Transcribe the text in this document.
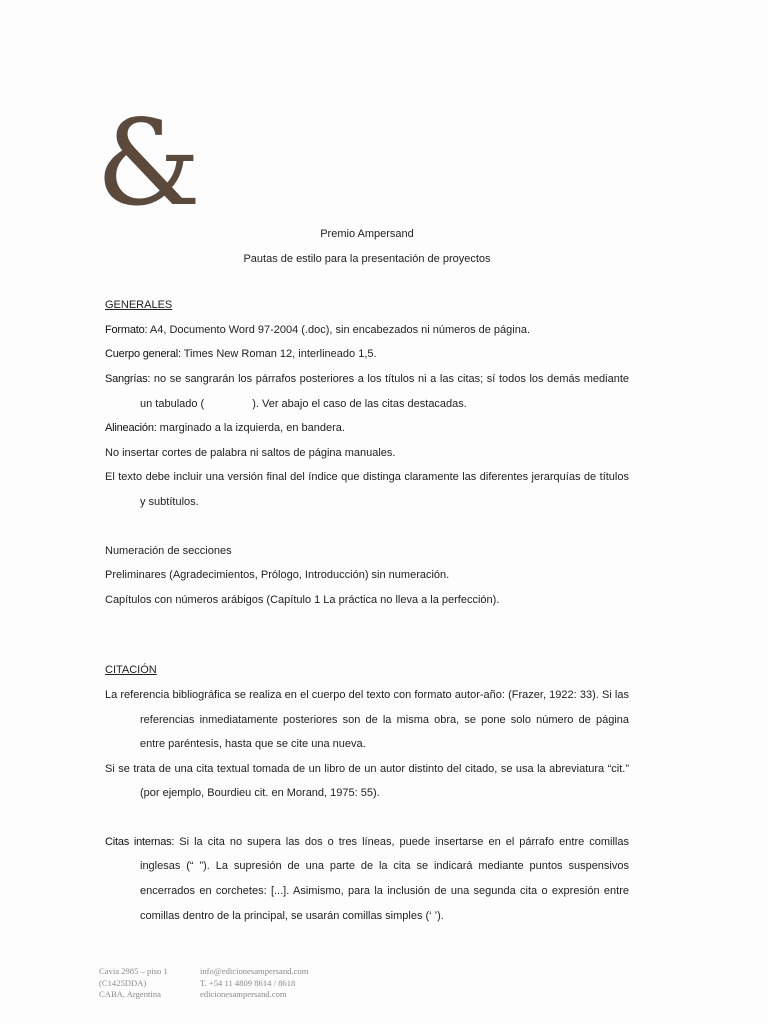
&
Premio Ampersand
Pautas de estilo para la presentación de proyectos
GENERALES

Formato: A4, Documento Word 97-2004 (.doc), sin encabezados ni números de página.

Cuerpo general: Times New Roman 12, interlineado 1,5.

Sangrías: no se sangrarán los párrafos posteriores a los títulos ni a las citas; sí todos los demás mediante un tabulado (	). Ver abajo el caso de las citas destacadas.

Alineación: marginado a la izquierda, en bandera.

No insertar cortes de palabra ni saltos de página manuales.

El texto debe incluir una versión final del índice que distinga claramente las diferentes jerarquías de títulos y subtítulos.

Numeración de secciones

Preliminares (Agradecimientos, Prólogo, Introducción) sin numeración.

Capítulos con números arábigos (Capítulo 1 La práctica no lleva a la perfección).

CITACIÓN

La referencia bibliográfica se realiza en el cuerpo del texto con formato autor-año: (Frazer, 1922: 33). Si las referencias inmediatamente posteriores son de la misma obra, se pone solo número de página entre paréntesis, hasta que se cite una nueva.

Si se trata de una cita textual tomada de un libro de un autor distinto del citado, se usa la abreviatura “cit.” (por ejemplo, Bourdieu cit. en Morand, 1975: 55).

Citas internas: Si la cita no supera las dos o tres líneas, puede insertarse en el párrafo entre comillas inglesas (“ ”). La supresión de una parte de la cita se indicará mediante puntos suspensivos encerrados en corchetes: [...]. Asimismo, para la inclusión de una segunda cita o expresión entre comillas dentro de la principal, se usarán comillas simples (‘ ’).

Cavia 2985 – piso 1
(C1425DDA)
CABA, Argentina
info@edicionesampersand.com
T. +54 11 4809 8614 / 8618
edicionesampersand.com
